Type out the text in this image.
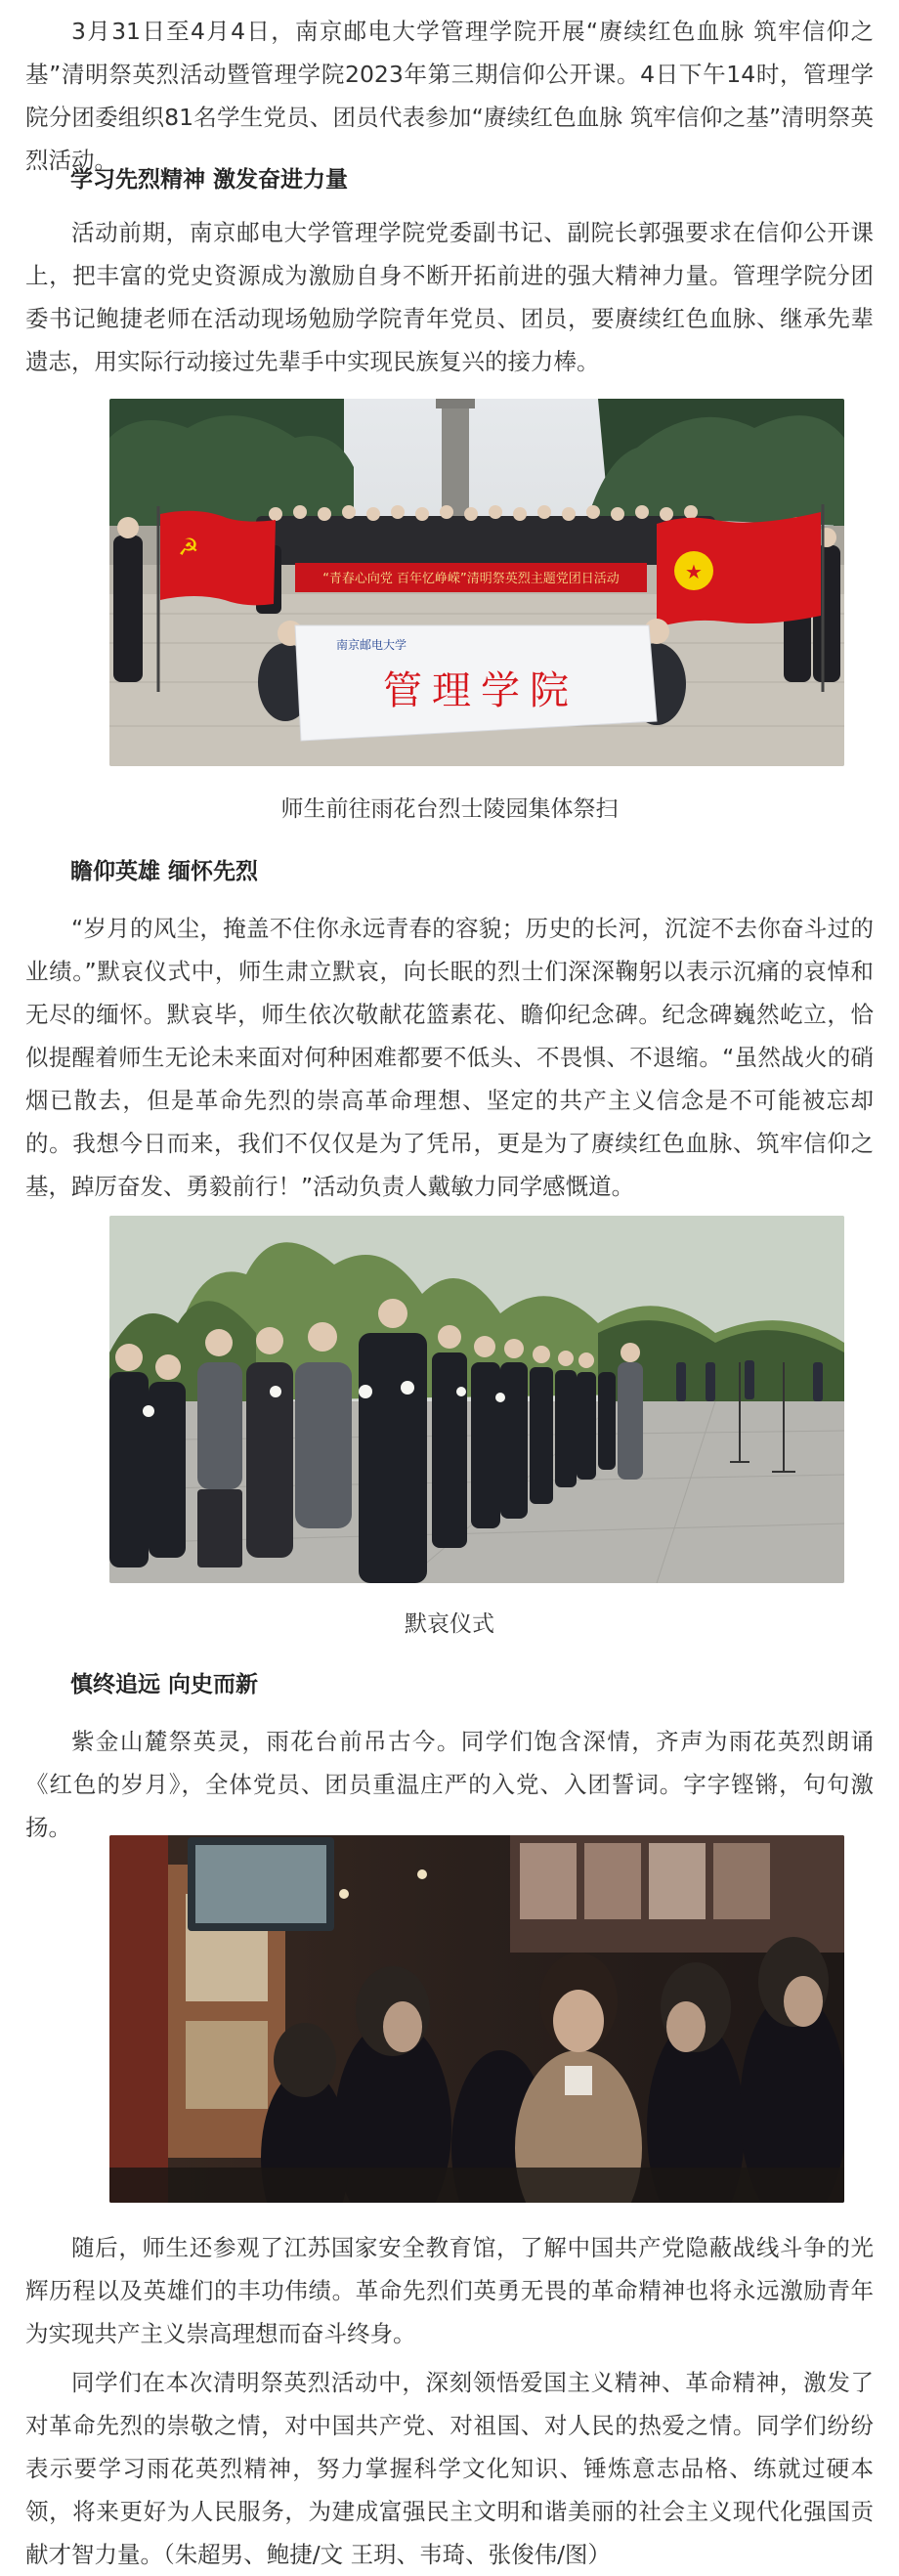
3月31日至4月4日，南京邮电大学管理学院开展“赓续红色血脉 筑牢信仰之基”清明祭英烈活动暨管理学院2023年第三期信仰公开课。4日下午14时，管理学院分团委组织81名学生党员、团员代表参加“赓续红色血脉 筑牢信仰之基”清明祭英烈活动。

学习先烈精神 激发奋进力量

活动前期，南京邮电大学管理学院党委副书记、副院长郭强要求在信仰公开课上，把丰富的党史资源成为激励自身不断开拓前进的强大精神力量。管理学院分团委书记鲍捷老师在活动现场勉励学院青年党员、团员，要赓续红色血脉、继承先辈遗志，用实际行动接过先辈手中实现民族复兴的接力棒。

“青春心向党 百年忆峥嵘”清明祭英烈主题党团日活动
☭
★
南京邮电大学
管理学院

师生前往雨花台烈士陵园集体祭扫

瞻仰英雄 缅怀先烈

“岁月的风尘，掩盖不住你永远青春的容貌；历史的长河，沉淀不去你奋斗过的业绩。”默哀仪式中，师生肃立默哀，向长眠的烈士们深深鞠躬以表示沉痛的哀悼和无尽的缅怀。默哀毕，师生依次敬献花篮素花、瞻仰纪念碑。纪念碑巍然屹立，恰似提醒着师生无论未来面对何种困难都要不低头、不畏惧、不退缩。“虽然战火的硝烟已散去，但是革命先烈的崇高革命理想、坚定的共产主义信念是不可能被忘却的。我想今日而来，我们不仅仅是为了凭吊，更是为了赓续红色血脉、筑牢信仰之基，踔厉奋发、勇毅前行！”活动负责人戴敏力同学感慨道。

默哀仪式

慎终追远 向史而新

紫金山麓祭英灵，雨花台前吊古今。同学们饱含深情，齐声为雨花英烈朗诵《红色的岁月》，全体党员、团员重温庄严的入党、入团誓词。字字铿锵，句句激扬。

随后，师生还参观了江苏国家安全教育馆，了解中国共产党隐蔽战线斗争的光辉历程以及英雄们的丰功伟绩。革命先烈们英勇无畏的革命精神也将永远激励青年为实现共产主义崇高理想而奋斗终身。

同学们在本次清明祭英烈活动中，深刻领悟爱国主义精神、革命精神，激发了对革命先烈的崇敬之情，对中国共产党、对祖国、对人民的热爱之情。同学们纷纷表示要学习雨花英烈精神，努力掌握科学文化知识、锤炼意志品格、练就过硬本领，将来更好为人民服务，为建成富强民主文明和谐美丽的社会主义现代化强国贡献才智力量。（朱超男、鲍捷/文 王玥、韦琦、张俊伟/图）
